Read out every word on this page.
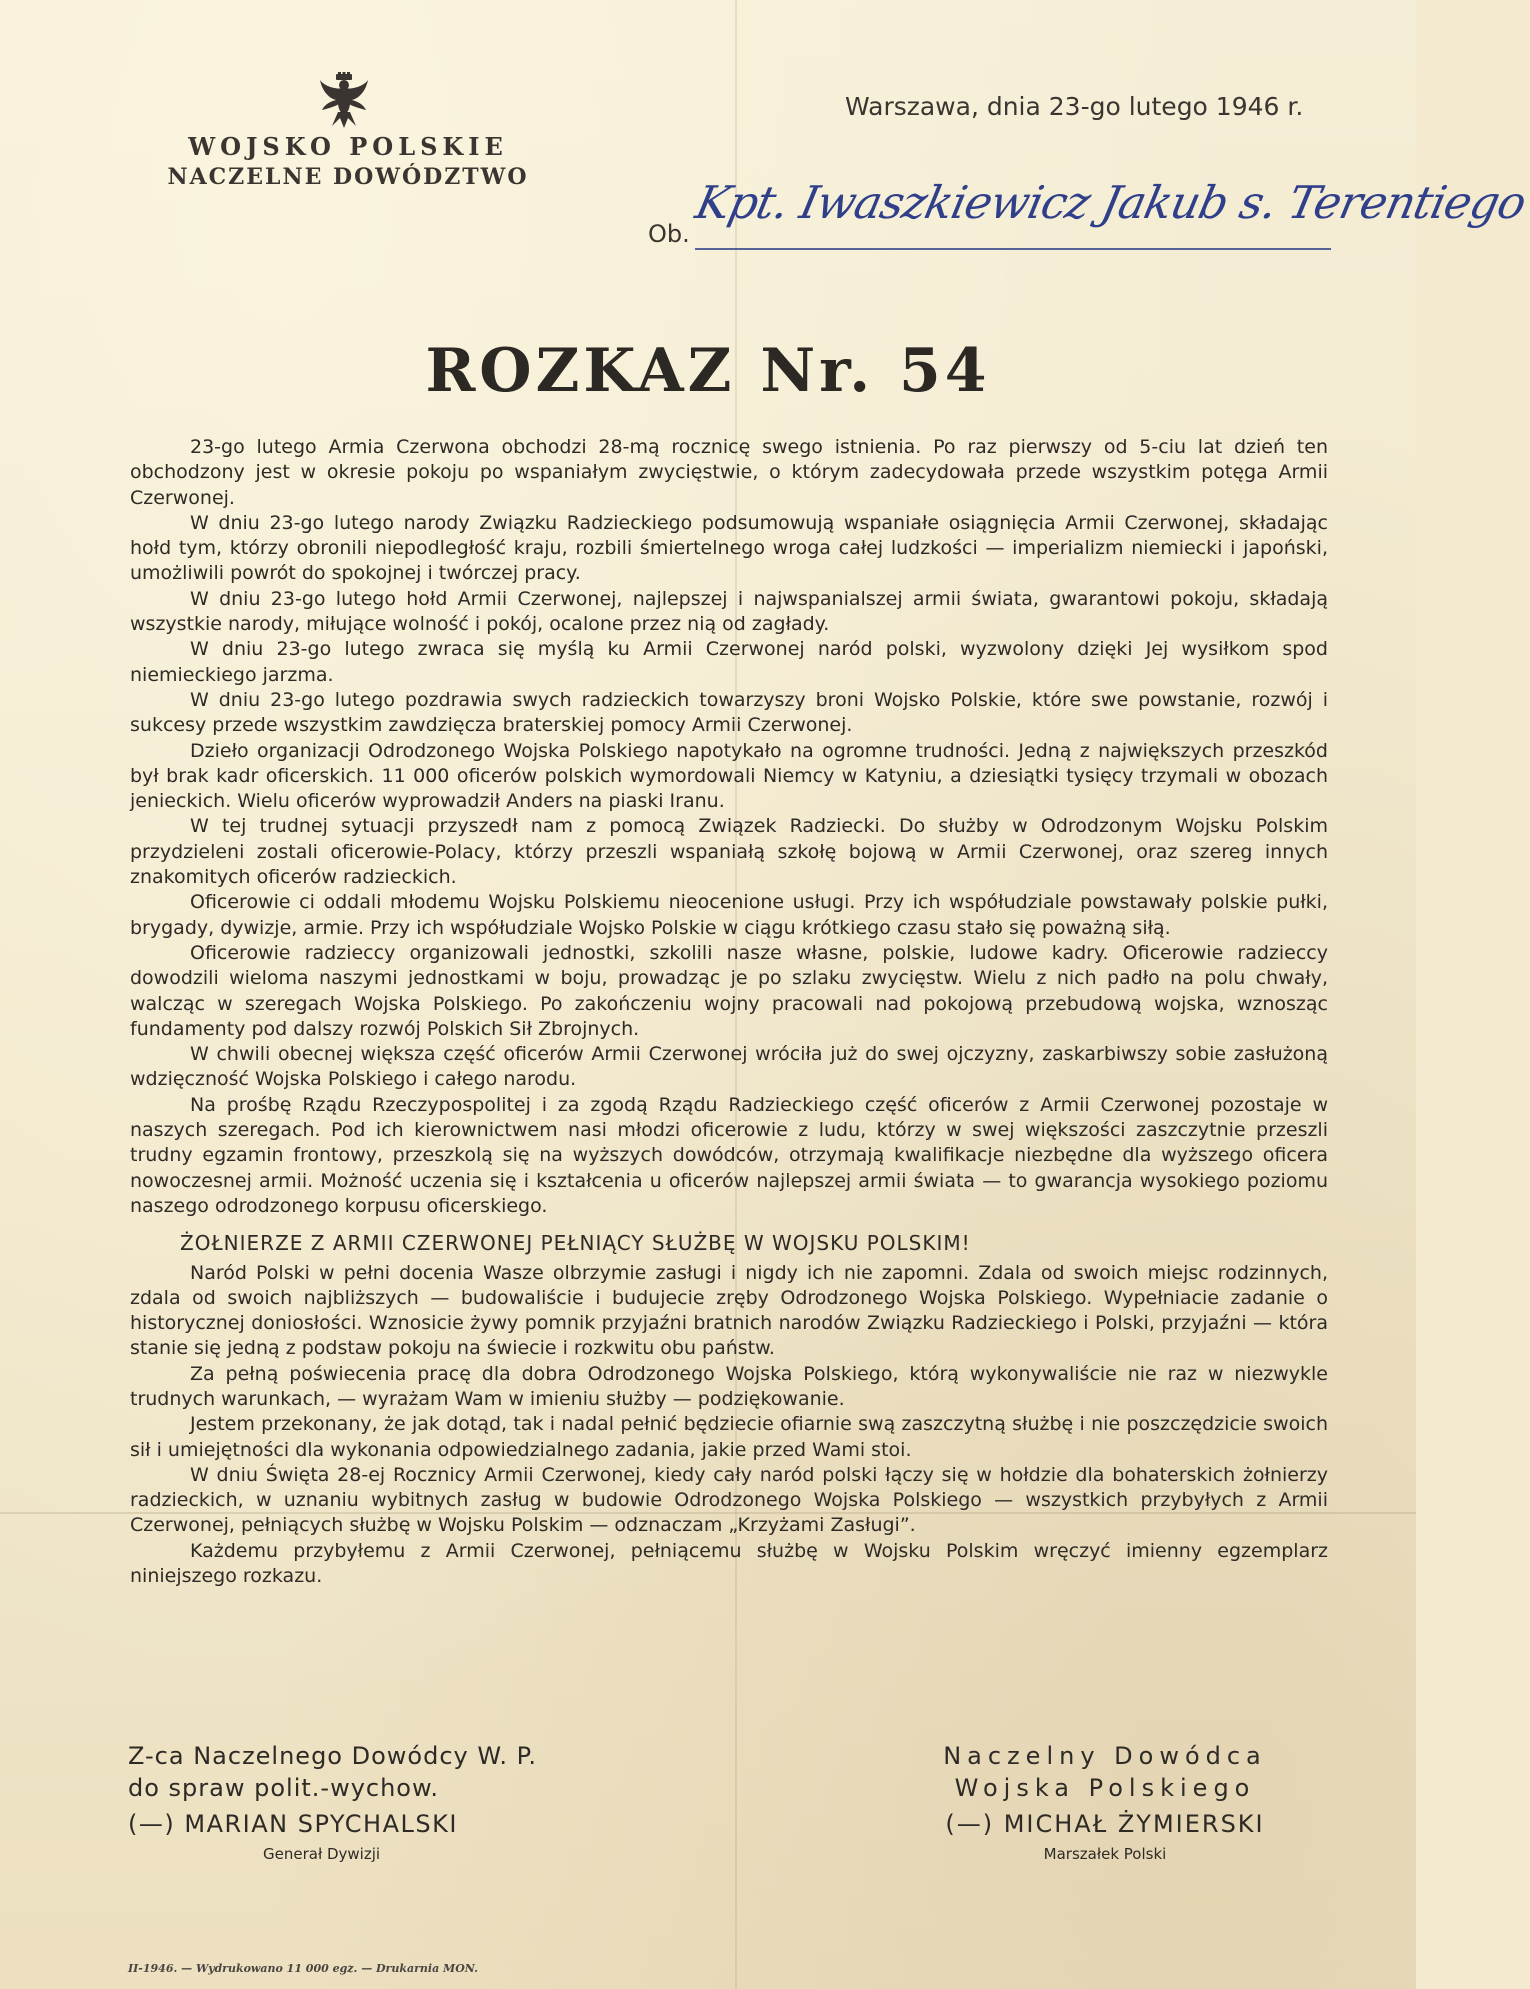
WOJSKO POLSKIE
NACZELNE DOWÓDZTWO
Warszawa, dnia 23-go lutego 1946 r.
Ob.
Kpt. Iwaszkiewicz Jakub s. Terentiego
ROZKAZ Nr. 54

23-go lutego Armia Czerwona obchodzi 28-mą rocznicę swego istnienia. Po raz pierwszy od 5-ciu lat dzień ten obchodzony jest w okresie pokoju po wspaniałym zwycięstwie, o którym zadecydowała przede wszystkim potęga Armii Czerwonej.

W dniu 23-go lutego narody Związku Radzieckiego podsumowują wspaniałe osiągnięcia Armii Czerwonej, składając hołd tym, którzy obronili niepodległość kraju, rozbili śmiertelnego wroga całej ludzkości — imperializm niemiecki i japoński, umożliwili powrót do spokojnej i twórczej pracy.

W dniu 23-go lutego hołd Armii Czerwonej, najlepszej i najwspanialszej armii świata, gwarantowi pokoju, składają wszystkie narody, miłujące wolność i pokój, ocalone przez nią od zagłady.

W dniu 23-go lutego zwraca się myślą ku Armii Czerwonej naród polski, wyzwolony dzięki Jej wysiłkom spod niemieckiego jarzma.

W dniu 23-go lutego pozdrawia swych radzieckich towarzyszy broni Wojsko Polskie, które swe powstanie, rozwój i sukcesy przede wszystkim zawdzięcza braterskiej pomocy Armii Czerwonej.

Dzieło organizacji Odrodzonego Wojska Polskiego napotykało na ogromne trudności. Jedną z największych przeszkód był brak kadr oficerskich. 11 000 oficerów polskich wymordowali Niemcy w Katyniu, a dziesiątki tysięcy trzymali w obozach jenieckich. Wielu oficerów wyprowadził Anders na piaski Iranu.

W tej trudnej sytuacji przyszedł nam z pomocą Związek Radziecki. Do służby w Odrodzonym Wojsku Polskim przydzieleni zostali oficerowie-Polacy, którzy przeszli wspaniałą szkołę bojową w Armii Czerwonej, oraz szereg innych znakomitych oficerów radzieckich.

Oficerowie ci oddali młodemu Wojsku Polskiemu nieocenione usługi. Przy ich współudziale powstawały polskie pułki, brygady, dywizje, armie. Przy ich współudziale Wojsko Polskie w ciągu krótkiego czasu stało się poważną siłą.

Oficerowie radzieccy organizowali jednostki, szkolili nasze własne, polskie, ludowe kadry. Oficerowie radzieccy dowodzili wieloma naszymi jednostkami w boju, prowadząc je po szlaku zwycięstw. Wielu z nich padło na polu chwały, walcząc w szeregach Wojska Polskiego. Po zakończeniu wojny pracowali nad pokojową przebudową wojska, wznosząc fundamenty pod dalszy rozwój Polskich Sił Zbrojnych.

W chwili obecnej większa część oficerów Armii Czerwonej wróciła już do swej ojczyzny, zaskarbiwszy sobie zasłużoną wdzięczność Wojska Polskiego i całego narodu.

Na prośbę Rządu Rzeczypospolitej i za zgodą Rządu Radzieckiego część oficerów z Armii Czerwonej pozostaje w naszych szeregach. Pod ich kierownictwem nasi młodzi oficerowie z ludu, którzy w swej większości zaszczytnie przeszli trudny egzamin frontowy, przeszkolą się na wyższych dowódców, otrzymają kwalifikacje niezbędne dla wyższego oficera nowoczesnej armii. Możność uczenia się i kształcenia u oficerów najlepszej armii świata — to gwarancja wysokiego poziomu naszego odrodzonego korpusu oficerskiego.

ŻOŁNIERZE Z ARMII CZERWONEJ PEŁNIĄCY SŁUŻBĘ W WOJSKU POLSKIM!

Naród Polski w pełni docenia Wasze olbrzymie zasługi i nigdy ich nie zapomni. Zdala od swoich miejsc rodzinnych, zdala od swoich najbliższych — budowaliście i budujecie zręby Odrodzonego Wojska Polskiego. Wypełniacie zadanie o historycznej doniosłości. Wznosicie żywy pomnik przyjaźni bratnich narodów Związku Radzieckiego i Polski, przyjaźni — która stanie się jedną z podstaw pokoju na świecie i rozkwitu obu państw.

Za pełną poświecenia pracę dla dobra Odrodzonego Wojska Polskiego, którą wykonywaliście nie raz w niezwykle trudnych warunkach, — wyrażam Wam w imieniu służby — podziękowanie.

Jestem przekonany, że jak dotąd, tak i nadal pełnić będziecie ofiarnie swą zaszczytną służbę i nie poszczędzicie swoich sił i umiejętności dla wykonania odpowiedzialnego zadania, jakie przed Wami stoi.

W dniu Święta 28-ej Rocznicy Armii Czerwonej, kiedy cały naród polski łączy się w hołdzie dla bohaterskich żołnierzy radzieckich, w uznaniu wybitnych zasług w budowie Odrodzonego Wojska Polskiego — wszystkich przybyłych z Armii Czerwonej, pełniących służbę w Wojsku Polskim — odznaczam „Krzyżami Zasługi”.

Każdemu przybyłemu z Armii Czerwonej, pełniącemu służbę w Wojsku Polskim wręczyć imienny egzemplarz niniejszego rozkazu.

Z-ca Naczelnego Dowódcy W. P.
do spraw polit.-wychow.
(—) MARIAN SPYCHALSKI
Generał Dywizji
Naczelny Dowódca
Wojska Polskiego
(—) MICHAŁ ŻYMIERSKI
Marszałek Polski
II-1946. — Wydrukowano 11 000 egz. — Drukarnia MON.
